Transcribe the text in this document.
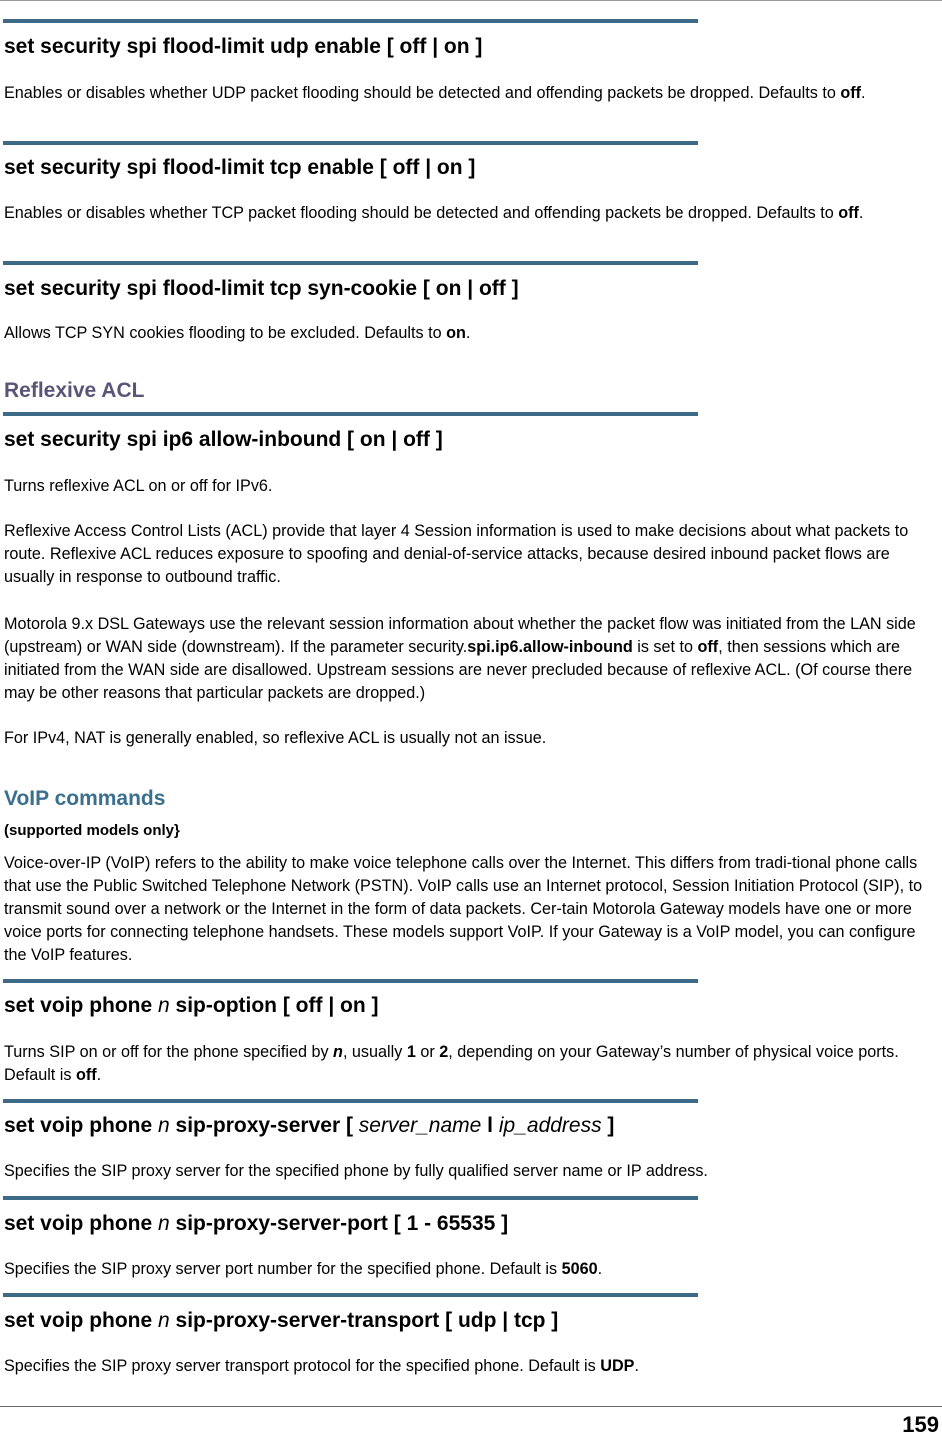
set security spi flood-limit udp enable [ off | on ]

Enables or disables whether UDP packet flooding should be detected and offending packets be dropped. Defaults to off.

set security spi flood-limit tcp enable [ off | on ]

Enables or disables whether TCP packet flooding should be detected and offending packets be dropped. Defaults to off.

set security spi flood-limit tcp syn-cookie [ on | off ]

Allows TCP SYN cookies flooding to be excluded. Defaults to on.

Reflexive ACL
set security spi ip6 allow-inbound [ on | off ]

Turns reflexive ACL on or off for IPv6.

Reflexive Access Control Lists (ACL) provide that layer 4 Session information is used to make decisions about what packets to route. Reflexive ACL reduces exposure to spoofing and denial-of-service attacks, because desired inbound packet flows are usually in response to outbound traffic.

Motorola 9.x DSL Gateways use the relevant session information about whether the packet flow was initiated from the LAN side (upstream) or WAN side (downstream). If the parameter security.spi.ip6.allow-inbound is set to off, then sessions which are initiated from the WAN side are disallowed. Upstream sessions are never precluded because of reflexive ACL. (Of course there may be other reasons that particular packets are dropped.)

For IPv4, NAT is generally enabled, so reflexive ACL is usually not an issue.

VoIP commands

(supported models only}

Voice-over-IP (VoIP) refers to the ability to make voice telephone calls over the Internet. This differs from tradi-tional phone calls that use the Public Switched Telephone Network (PSTN). VoIP calls use an Internet protocol, Session Initiation Protocol (SIP), to transmit sound over a network or the Internet in the form of data packets. Cer-tain Motorola Gateway models have one or more voice ports for connecting telephone handsets. These models support VoIP. If your Gateway is a VoIP model, you can configure the VoIP features.

set voip phone n sip-option [ off | on ]

Turns SIP on or off for the phone specified by n, usually 1 or 2, depending on your Gateway’s number of physical voice ports. Default is off.

set voip phone n sip-proxy-server [ server_name l ip_address ]

Specifies the SIP proxy server for the specified phone by fully qualified server name or IP address.

set voip phone n sip-proxy-server-port [ 1 - 65535 ]

Specifies the SIP proxy server port number for the specified phone. Default is 5060.

set voip phone n sip-proxy-server-transport [ udp | tcp ]

Specifies the SIP proxy server transport protocol for the specified phone. Default is UDP.

159
